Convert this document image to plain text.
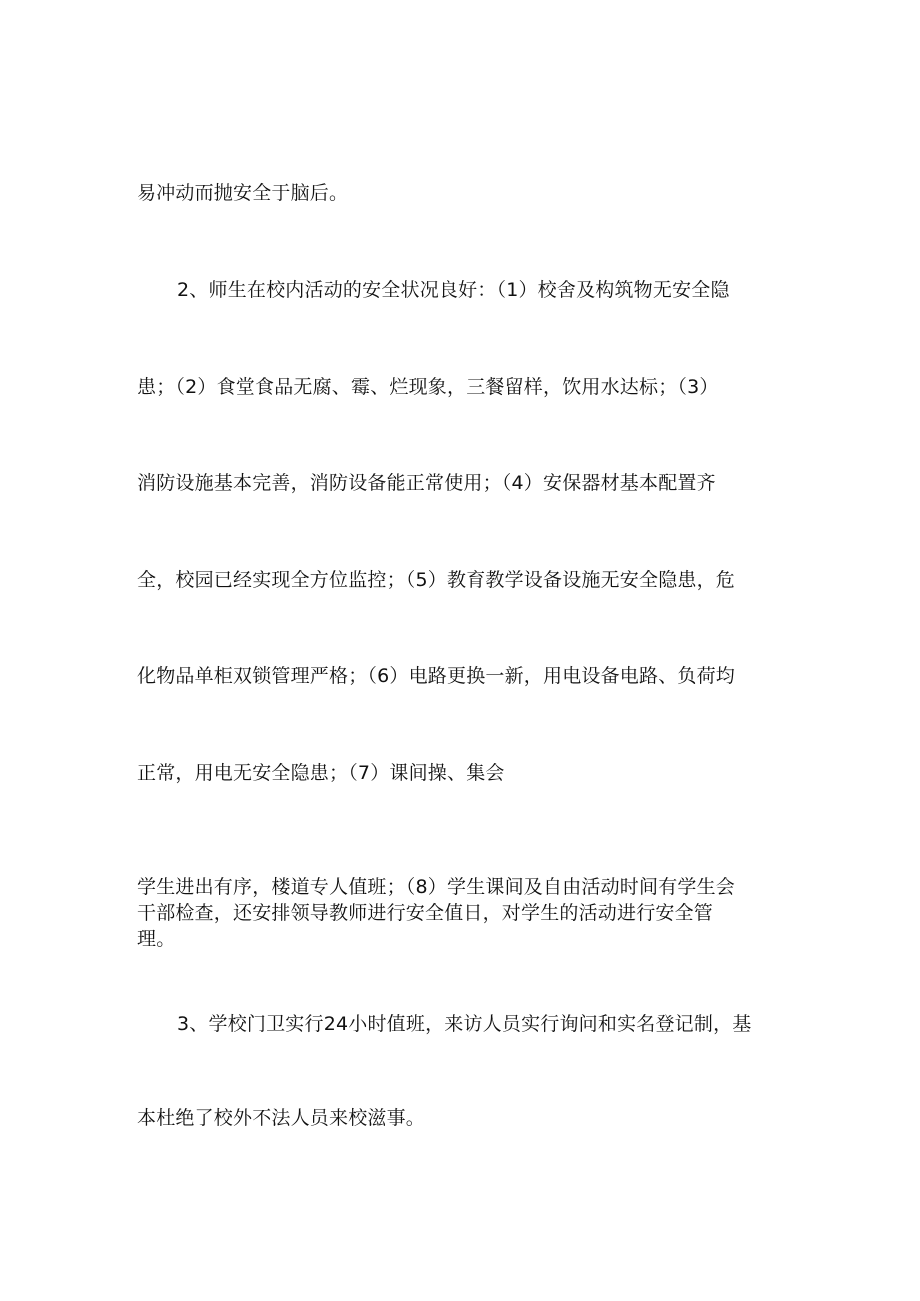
易冲动而抛安全于脑后。

2、师生在校内活动的安全状况良好：（1）校舍及构筑物无安全隐

患；（2）食堂食品无腐、霉、烂现象，三餐留样，饮用水达标；（3）

消防设施基本完善，消防设备能正常使用；（4）安保器材基本配置齐

全，校园已经实现全方位监控；（5）教育教学设备设施无安全隐患，危

化物品单柜双锁管理严格；（6）电路更换一新，用电设备电路、负荷均

正常，用电无安全隐患；（7）课间操、集会

学生进出有序，楼道专人值班；（8）学生课间及自由活动时间有学生会

干部检查，还安排领导教师进行安全值日，对学生的活动进行安全管

理。

3、学校门卫实行24小时值班，来访人员实行询问和实名登记制，基

本杜绝了校外不法人员来校滋事。
